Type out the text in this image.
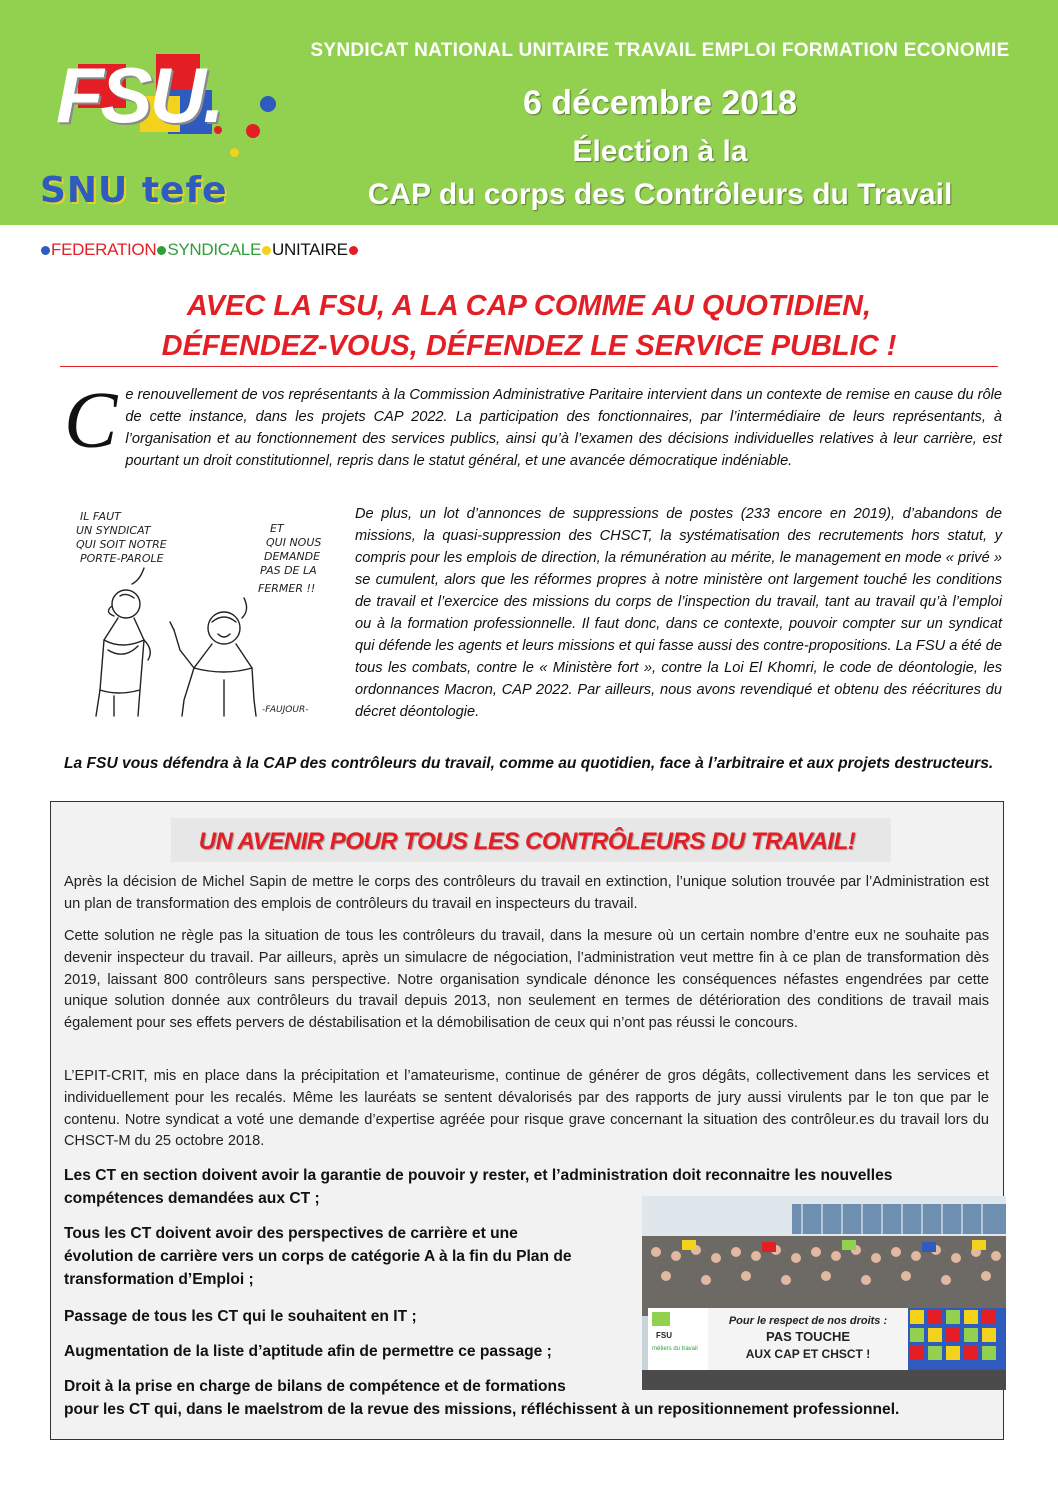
FSU.
SNU tefe
SYNDICAT NATIONAL UNITAIRE TRAVAIL EMPLOI FORMATION ECONOMIE
6 décembre 2018
Élection à la
CAP du corps des Contrôleurs du Travail
FEDERATION SYNDICALE UNITAIRE
AVEC LA FSU, A LA CAP COMME AU QUOTIDIEN,
DÉFENDEZ-VOUS, DÉFENDEZ LE SERVICE PUBLIC !
Ce renouvellement de vos représentants à la Commission Administrative Paritaire intervient dans un contexte de remise en cause du rôle de cette instance, dans les projets CAP 2022. La participation des fonctionnaires, par l’intermédiaire de leurs représentants, à l’organisation et au fonctionnement des services publics, ainsi qu’à l’examen des décisions individuelles relatives à leur carrière, est pourtant un droit constitutionnel, repris dans le statut général, et une avancée démocratique indéniable.
IL FAUT
UN SYNDICAT
QUI SOIT NOTRE
PORTE-PAROLE
ET
QUI NOUS
DEMANDE
PAS DE LA
FERMER !!
-FAUJOUR-
De plus, un lot d’annonces de suppressions de postes (233 encore en 2019), d’abandons de missions, la quasi-suppression des CHSCT, la systématisation des recrutements hors statut, y compris pour les emplois de direction, la rémunération au mérite, le management en mode « privé » se cumulent, alors que les réformes propres à notre ministère ont largement touché les conditions de travail et l’exercice des missions du corps de l’inspection du travail, tant au travail qu’à l’emploi ou à la formation professionnelle. Il faut donc, dans ce contexte, pouvoir compter sur un syndicat qui défende les agents et leurs missions et qui fasse aussi des contre-propositions. La FSU a été de tous les combats, contre le « Ministère fort », contre la Loi El Khomri, le code de déontologie, les ordonnances Macron, CAP 2022. Par ailleurs, nous avons revendiqué et obtenu des réécritures du décret déontologie.
La FSU vous défendra à la CAP des contrôleurs du travail, comme au quotidien, face à l’arbitraire et aux projets destructeurs.
UN AVENIR POUR TOUS LES CONTRÔLEURS DU TRAVAIL!
Après la décision de Michel Sapin de mettre le corps des contrôleurs du travail en extinction, l’unique solution trouvée par l’Administration est un plan de transformation des emplois de contrôleurs du travail en inspecteurs du travail.
Cette solution ne règle pas la situation de tous les contrôleurs du travail, dans la mesure où un certain nombre d’entre eux ne souhaite pas devenir inspecteur du travail. Par ailleurs, après un simulacre de négociation, l’administration veut mettre fin à ce plan de transformation dès 2019, laissant 800 contrôleurs sans perspective. Notre organisation syndicale dénonce les conséquences néfastes engendrées par cette unique solution donnée aux contrôleurs du travail depuis 2013, non seulement en termes de détérioration des conditions de travail mais également pour ses effets pervers de déstabilisation et la démobilisation de ceux qui n’ont pas réussi le concours.
L’EPIT-CRIT, mis en place dans la précipitation et l’amateurisme, continue de générer de gros dégâts, collectivement dans les services et individuellement pour les recalés. Même les lauréats se sentent dévalorisés par des rapports de jury aussi virulents par le ton que par le contenu. Notre syndicat a voté une demande d’expertise agréée pour risque grave concernant la situation des contrôleur.es du travail lors du CHSCT-M du 25 octobre 2018.
Les CT en section doivent avoir la garantie de pouvoir y rester, et l’administration doit reconnaitre les nouvelles compétences demandées aux CT ;
Tous les CT doivent avoir des perspectives de carrière et une
évolution de carrière vers un corps de catégorie A à la fin du Plan de
transformation d’Emploi ;
Passage de tous les CT qui le souhaitent en IT ;
Augmentation de la liste d’aptitude afin de permettre ce passage ;
Droit à la prise en charge de bilans de compétence et de formations
pour les CT qui, dans le maelstrom de la revue des missions, réfléchissent à un repositionnement professionnel.
FSU
métiers du travail
Pour le respect de nos droits :
PAS TOUCHE
AUX CAP ET CHSCT !
